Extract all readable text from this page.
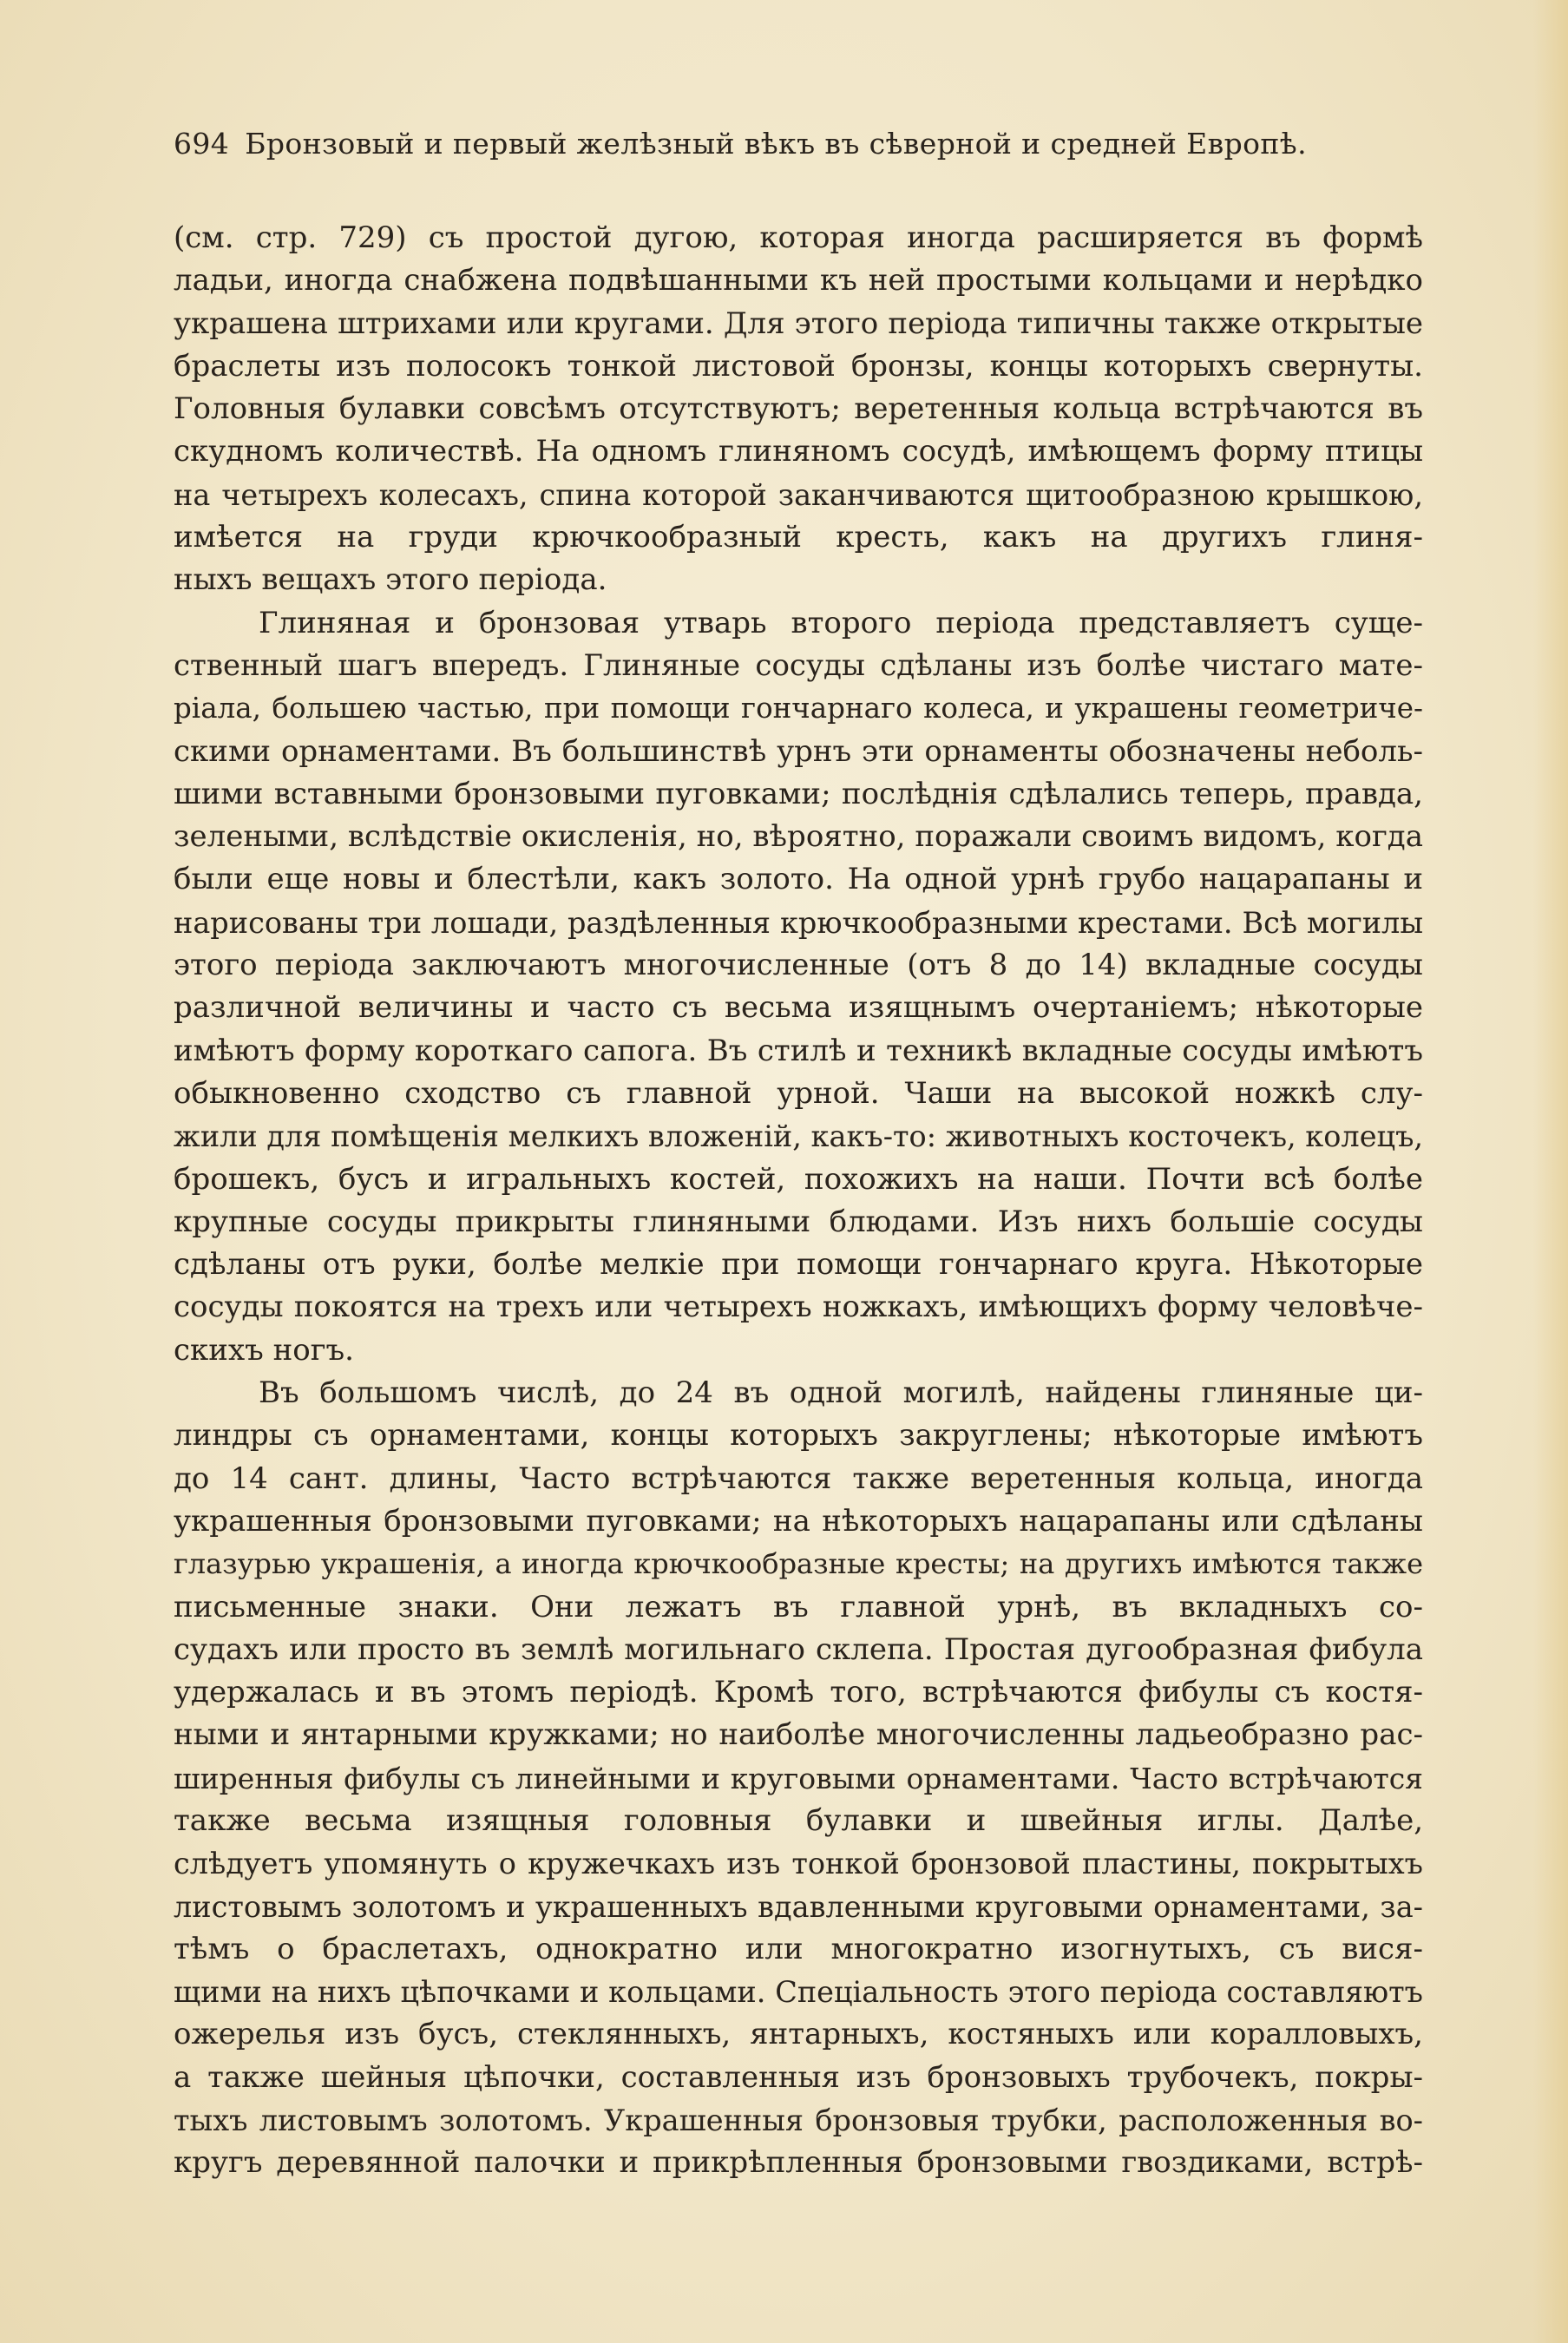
694 Бронзовый и первый желѣзный вѣкъ въ сѣверной и средней Европѣ.
(см. стр. 729) съ простой дугою, которая иногда расширяется въ формѣ
ладьи, иногда снабжена подвѣшанными къ ней простыми кольцами и нерѣдко
украшена штрихами или кругами. Для этого періода типичны также открытые
браслеты изъ полосокъ тонкой листовой бронзы, концы которыхъ свернуты.
Головныя булавки совсѣмъ отсутствуютъ; веретенныя кольца встрѣчаются въ
скудномъ количествѣ. На одномъ глиняномъ сосудѣ, имѣющемъ форму птицы
на четырехъ колесахъ, спина которой заканчиваются щитообразною крышкою,
имѣется на груди крючкообразный кресть, какъ на другихъ глиня-
ныхъ вещахъ этого періода.
Глиняная и бронзовая утварь второго періода представляетъ суще-
ственный шагъ впередъ. Глиняные сосуды сдѣланы изъ болѣе чистаго мате-
ріала, большею частью, при помощи гончарнаго колеса, и украшены геометриче-
скими орнаментами. Въ большинствѣ урнъ эти орнаменты обозначены неболь-
шими вставными бронзовыми пуговками; послѣднія сдѣлались теперь, правда,
зелеными, вслѣдствіе окисленія, но, вѣроятно, поражали своимъ видомъ, когда
были еще новы и блестѣли, какъ золото. На одной урнѣ грубо нацарапаны и
нарисованы три лошади, раздѣленныя крючкообразными крестами. Всѣ могилы
этого періода заключаютъ многочисленные (отъ 8 до 14) вкладные сосуды
различной величины и часто съ весьма изящнымъ очертаніемъ; нѣкоторые
имѣютъ форму короткаго сапога. Въ стилѣ и техникѣ вкладные сосуды имѣютъ
обыкновенно сходство съ главной урной. Чаши на высокой ножкѣ слу-
жили для помѣщенія мелкихъ вложеній, какъ-то: животныхъ косточекъ, колецъ,
брошекъ, бусъ и игральныхъ костей, похожихъ на наши. Почти всѣ болѣе
крупные сосуды прикрыты глиняными блюдами. Изъ нихъ большіе сосуды
сдѣланы отъ руки, болѣе мелкіе при помощи гончарнаго круга. Нѣкоторые
сосуды покоятся на трехъ или четырехъ ножкахъ, имѣющихъ форму человѣче-
скихъ ногъ.
Въ большомъ числѣ, до 24 въ одной могилѣ, найдены глиняные ци-
линдры съ орнаментами, концы которыхъ закруглены; нѣкоторые имѣютъ
до 14 сант. длины, Часто встрѣчаются также веретенныя кольца, иногда
украшенныя бронзовыми пуговками; на нѣкоторыхъ нацарапаны или сдѣланы
глазурью украшенія, а иногда крючкообразные кресты; на другихъ имѣются также
письменные знаки. Они лежатъ въ главной урнѣ, въ вкладныхъ со-
судахъ или просто въ землѣ могильнаго склепа. Простая дугообразная фибула
удержалась и въ этомъ періодѣ. Кромѣ того, встрѣчаются фибулы съ костя-
ными и янтарными кружками; но наиболѣе многочисленны ладьеобразно рас-
ширенныя фибулы съ линейными и круговыми орнаментами. Часто встрѣчаются
также весьма изящныя головныя булавки и швейныя иглы. Далѣе,
слѣдуетъ упомянуть о кружечкахъ изъ тонкой бронзовой пластины, покрытыхъ
листовымъ золотомъ и украшенныхъ вдавленными круговыми орнаментами, за-
тѣмъ о браслетахъ, однократно или многократно изогнутыхъ, съ вися-
щими на нихъ цѣпочками и кольцами. Спеціальность этого періода составляютъ
ожерелья изъ бусъ, стеклянныхъ, янтарныхъ, костяныхъ или коралловыхъ,
а также шейныя цѣпочки, составленныя изъ бронзовыхъ трубочекъ, покры-
тыхъ листовымъ золотомъ. Украшенныя бронзовыя трубки, расположенныя во-
кругъ деревянной палочки и прикрѣпленныя бронзовыми гвоздиками, встрѣ-
